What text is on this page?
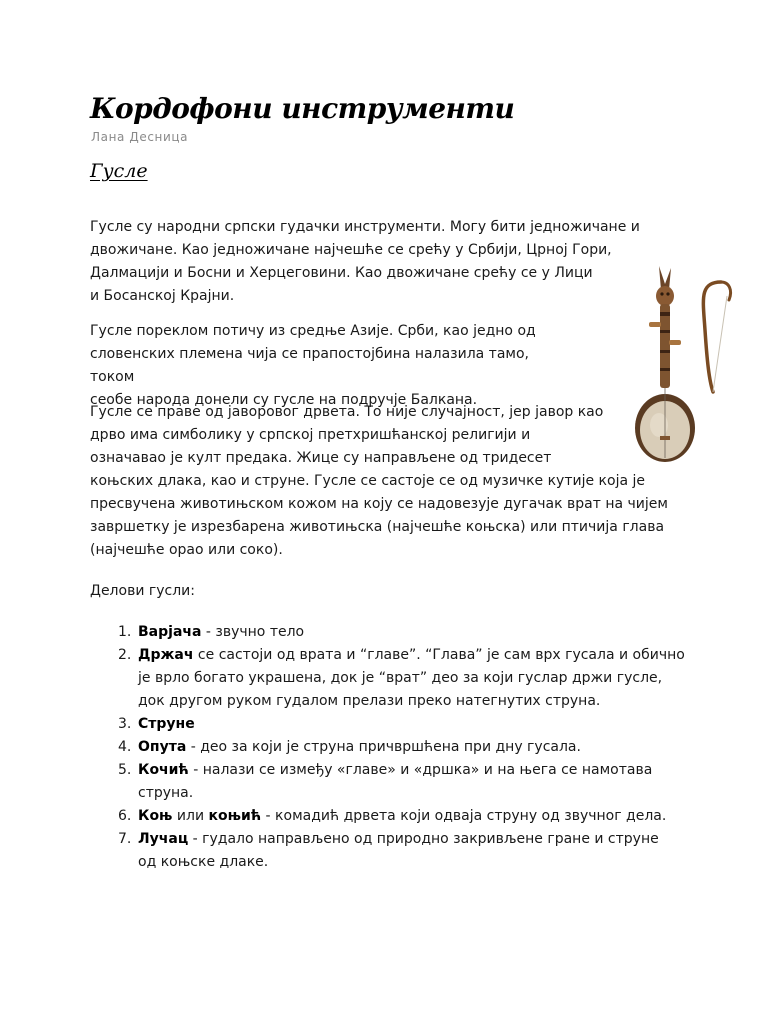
Кордофони инструменти
Лана Десница
Гусле

Гусле су народни српски гудачки инструменти. Могу бити једножичане и
двожичане. Као једножичане најчешће се срећу у Србији, Црној Гори,
Далмацији и Босни и Херцеговини. Као двожичане срећу се у Лици
и Босанској Крајни.

Гусле пореклом потичу из средње Азије. Срби, као једно од
словенских племена чија се прапостојбина налазила тамо, током
сеобе народа донели су гусле на подручје Балкана.

Гусле се праве од јаворовог дрвета. То није случајност, јер јавор као
дрво има симболику у српској претхришћанској религији и
означавао је култ предака. Жице су направљене од тридесет
коњских длака, као и струне. Гусле се састоје се од музичке кутије која је
пресвучена животињском кожом на коју се надовезује дугачак врат на чијем
завршетку је изрезбарена животињска (најчешће коњска) или птичија глава
(најчешће орао или соко).

Делови гусли:

1. Варјача - звучно тело
2. Држач се састоји од врата и “главе”. “Глава” је сам врх гусала и обично
је врло богато украшена, док је “врат” део за који гуслар држи гусле,
док другом руком гудалом прелази преко натегнутих струна.
3. Струне
4. Опута - део за који је струна причвршћена при дну гусала.
5. Кочић - налази се између «главе» и «дршка» и на њега се намотава
струна.
6. Коњ или коњић - комадић дрвета који одваја струну од звучног дела.
7. Лучац - гудало направљено од природно закривљене гране и струне
од коњске длаке.
